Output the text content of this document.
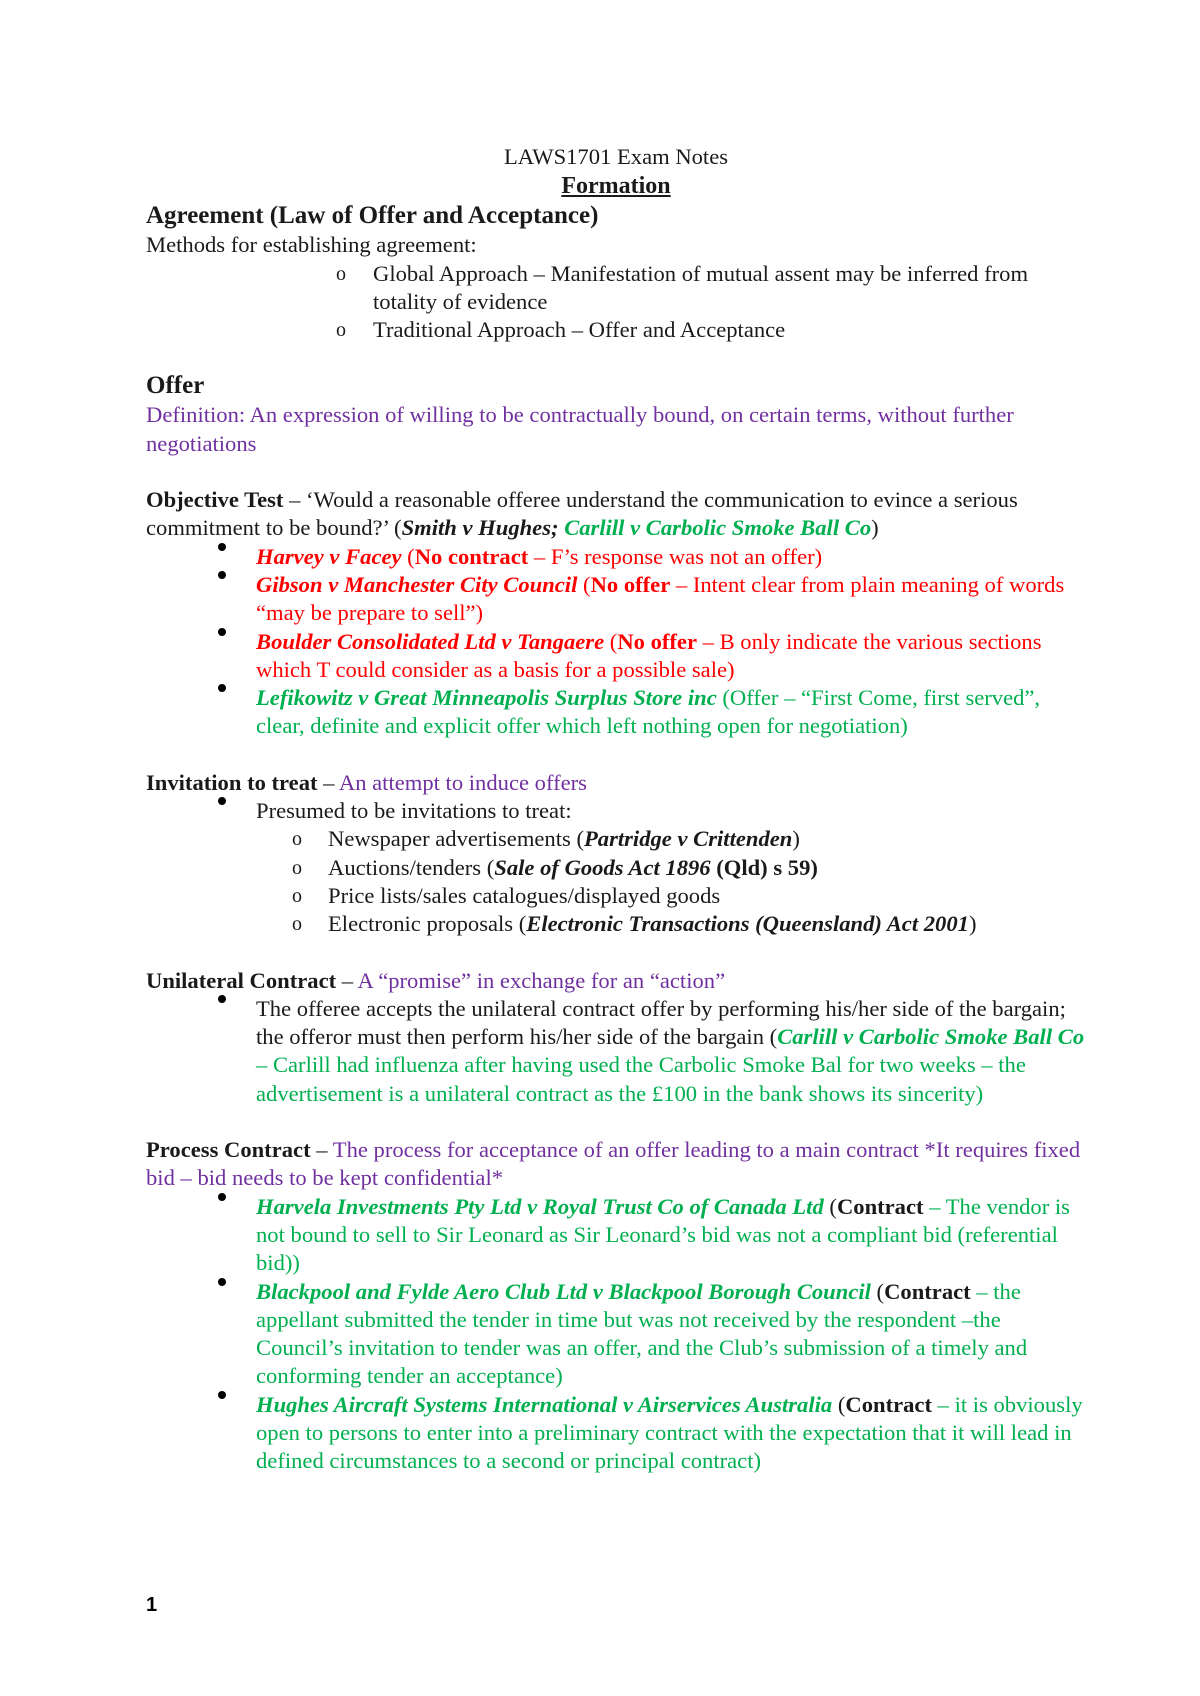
LAWS1701 Exam Notes

Formation

Agreement (Law of Offer and Acceptance)

Methods for establishing agreement:

o Global Approach – Manifestation of mutual assent may be inferred from totality of evidence
o Traditional Approach – Offer and Acceptance

Offer

Definition: An expression of willing to be contractually bound, on certain terms, without further negotiations

Objective Test – ‘Would a reasonable offeree understand the communication to evince a serious commitment to be bound?’ (Smith v Hughes; Carlill v Carbolic Smoke Ball Co)

Harvey v Facey (No contract – F’s response was not an offer)
Gibson v Manchester City Council (No offer – Intent clear from plain meaning of words “may be prepare to sell”)
Boulder Consolidated Ltd v Tangaere (No offer – B only indicate the various sections which T could consider as a basis for a possible sale)
Lefikowitz v Great Minneapolis Surplus Store inc (Offer – “First Come, first served”, clear, definite and explicit offer which left nothing open for negotiation)

Invitation to treat – An attempt to induce offers

Presumed to be invitations to treat:
o Newspaper advertisements (Partridge v Crittenden)
o Auctions/tenders (Sale of Goods Act 1896 (Qld) s 59)
o Price lists/sales catalogues/displayed goods
o Electronic proposals (Electronic Transactions (Queensland) Act 2001)

Unilateral Contract – A “promise” in exchange for an “action”

The offeree accepts the unilateral contract offer by performing his/her side of the bargain; the offeror must then perform his/her side of the bargain (Carlill v Carbolic Smoke Ball Co – Carlill had influenza after having used the Carbolic Smoke Bal for two weeks – the advertisement is a unilateral contract as the £100 in the bank shows its sincerity)

Process Contract – The process for acceptance of an offer leading to a main contract *It requires fixed bid – bid needs to be kept confidential*

Harvela Investments Pty Ltd v Royal Trust Co of Canada Ltd (Contract – The vendor is not bound to sell to Sir Leonard as Sir Leonard’s bid was not a compliant bid (referential bid))
Blackpool and Fylde Aero Club Ltd v Blackpool Borough Council (Contract – the appellant submitted the tender in time but was not received by the respondent –the Council’s invitation to tender was an offer, and the Club’s submission of a timely and conforming tender an acceptance)
Hughes Aircraft Systems International v Airservices Australia (Contract – it is obviously open to persons to enter into a preliminary contract with the expectation that it will lead in defined circumstances to a second or principal contract)
1
